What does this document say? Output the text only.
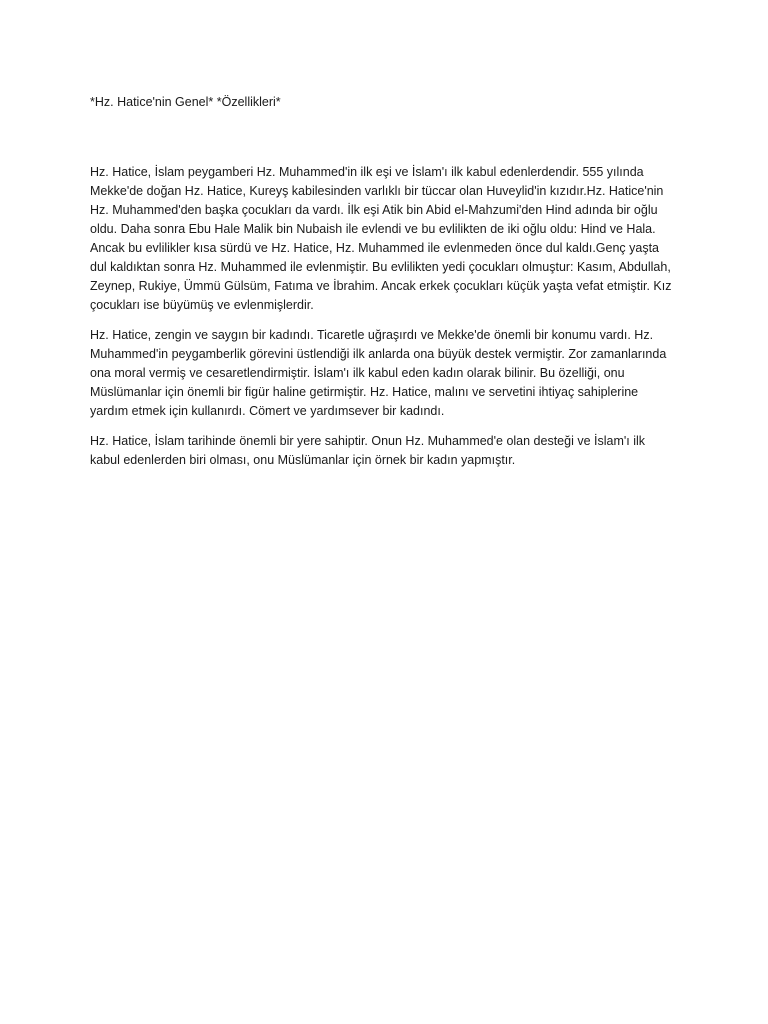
*Hz. Hatice'nin Genel* *Özellikleri*

Hz. Hatice, İslam peygamberi Hz. Muhammed'in ilk eşi ve İslam'ı ilk kabul edenlerdendir. 555 yılında Mekke'de doğan Hz. Hatice, Kureyş kabilesinden varlıklı bir tüccar olan Huveylid'in kızıdır.Hz. Hatice'nin Hz. Muhammed'den başka çocukları da vardı. İlk eşi Atik bin Abid el-Mahzumi'den Hind adında bir oğlu oldu. Daha sonra Ebu Hale Malik bin Nubaish ile evlendi ve bu evlilikten de iki oğlu oldu: Hind ve Hala. Ancak bu evlilikler kısa sürdü ve Hz. Hatice, Hz. Muhammed ile evlenmeden önce dul kaldı.Genç yaşta dul kaldıktan sonra Hz. Muhammed ile evlenmiştir. Bu evlilikten yedi çocukları olmuştur: Kasım, Abdullah, Zeynep, Rukiye, Ümmü Gülsüm, Fatıma ve İbrahim. Ancak erkek çocukları küçük yaşta vefat etmiştir. Kız çocukları ise büyümüş ve evlenmişlerdir.

Hz. Hatice, zengin ve saygın bir kadındı. Ticaretle uğraşırdı ve Mekke'de önemli bir konumu vardı. Hz. Muhammed'in peygamberlik görevini üstlendiği ilk anlarda ona büyük destek vermiştir. Zor zamanlarında ona moral vermiş ve cesaretlendirmiştir. İslam'ı ilk kabul eden kadın olarak bilinir. Bu özelliği, onu Müslümanlar için önemli bir figür haline getirmiştir. Hz. Hatice, malını ve servetini ihtiyaç sahiplerine yardım etmek için kullanırdı. Cömert ve yardımsever bir kadındı.

Hz. Hatice, İslam tarihinde önemli bir yere sahiptir. Onun Hz. Muhammed'e olan desteği ve İslam'ı ilk kabul edenlerden biri olması, onu Müslümanlar için örnek bir kadın yapmıştır.
